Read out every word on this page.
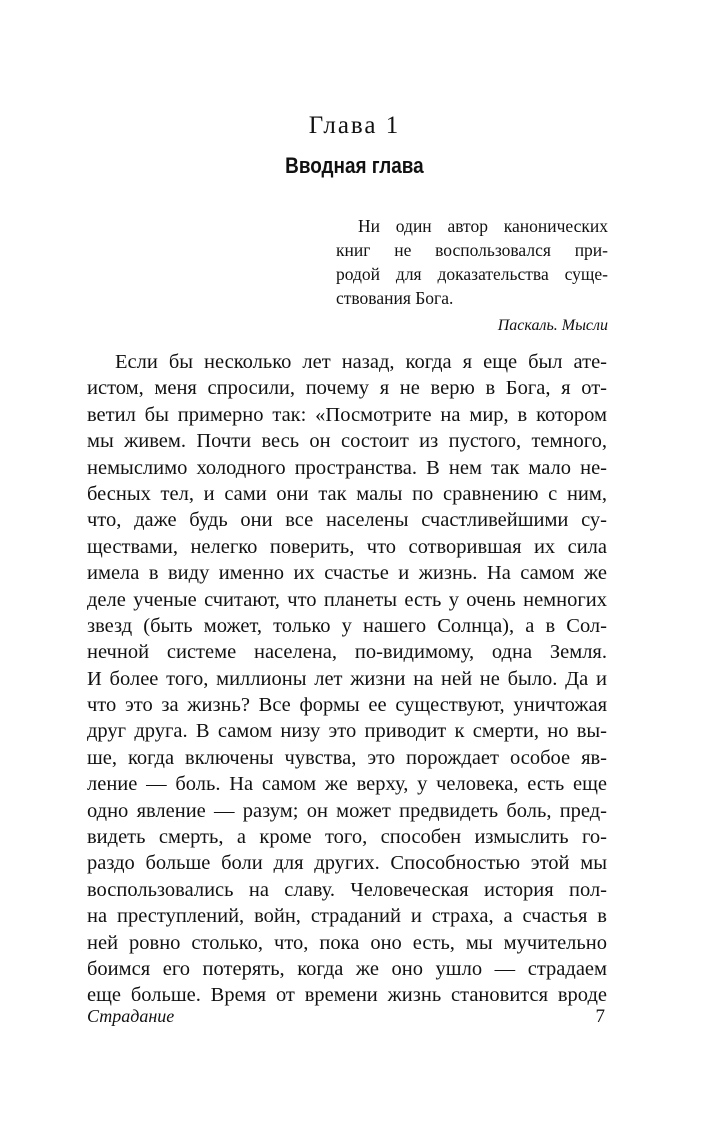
Глава 1
Вводная глава
Ни один автор канонических
книг не воспользовался при-
родой для доказательства суще-
ствования Бога.
Паскаль. Мысли
Если бы несколько лет назад, когда я еще был ате-
истом, меня спросили, почему я не верю в Бога, я от-
ветил бы примерно так: «Посмотрите на мир, в котором
мы живем. Почти весь он состоит из пустого, темного,
немыслимо холодного пространства. В нем так мало не-
бесных тел, и сами они так малы по сравнению с ним,
что, даже будь они все населены счастливейшими су-
ществами, нелегко поверить, что сотворившая их сила
имела в виду именно их счастье и жизнь. На самом же
деле ученые считают, что планеты есть у очень немногих
звезд (быть может, только у нашего Солнца), а в Сол-
нечной системе населена, по-видимому, одна Земля.
И более того, миллионы лет жизни на ней не было. Да и
что это за жизнь? Все формы ее существуют, уничтожая
друг друга. В самом низу это приводит к смерти, но вы-
ше, когда включены чувства, это порождает особое яв-
ление — боль. На самом же верху, у человека, есть еще
одно явление — разум; он может предвидеть боль, пред-
видеть смерть, а кроме того, способен измыслить го-
раздо больше боли для других. Способностью этой мы
воспользовались на славу. Человеческая история пол-
на преступлений, войн, страданий и страха, а счастья в
ней ровно столько, что, пока оно есть, мы мучительно
боимся его потерять, когда же оно ушло — страдаем
еще больше. Время от времени жизнь становится вроде
Страдание	7
